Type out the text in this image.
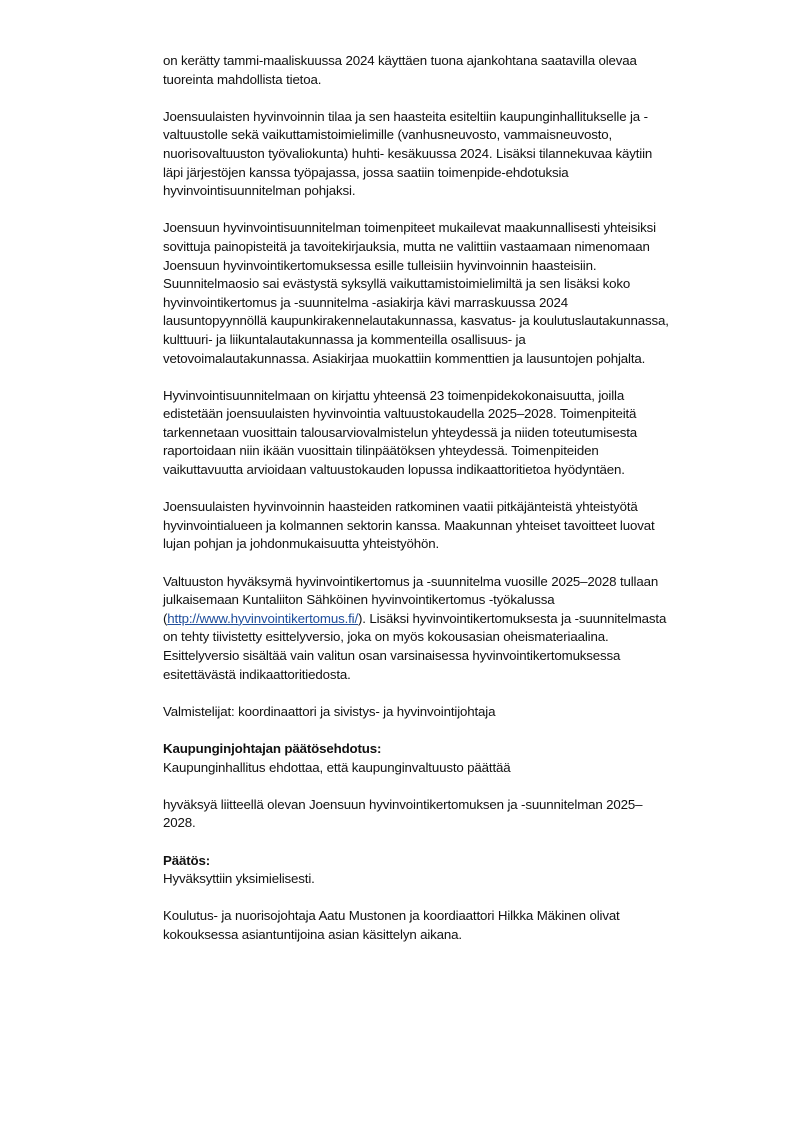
on kerätty tammi-maaliskuussa 2024 käyttäen tuona ajankohtana saatavilla olevaa
tuoreinta mahdollista tietoa.
Joensuulaisten hyvinvoinnin tilaa ja sen haasteita esiteltiin kaupunginhallitukselle ja -
valtuustolle sekä vaikuttamistoimielimille (vanhusneuvosto, vammaisneuvosto,
nuorisovaltuuston työvaliokunta) huhti- kesäkuussa 2024. Lisäksi tilannekuvaa käytiin
läpi järjestöjen kanssa työpajassa, jossa saatiin toimenpide-ehdotuksia
hyvinvointisuunnitelman pohjaksi.
Joensuun hyvinvointisuunnitelman toimenpiteet mukailevat maakunnallisesti yhteisiksi
sovittuja painopisteitä ja tavoitekirjauksia, mutta ne valittiin vastaamaan nimenomaan
Joensuun hyvinvointikertomuksessa esille tulleisiin hyvinvoinnin haasteisiin.
Suunnitelmaosio sai evästystä syksyllä vaikuttamistoimielimiltä ja sen lisäksi koko
hyvinvointikertomus ja -suunnitelma -asiakirja kävi marraskuussa 2024
lausuntopyynnöllä kaupunkirakennelautakunnassa, kasvatus- ja koulutuslautakunnassa,
kulttuuri- ja liikuntalautakunnassa ja kommenteilla osallisuus- ja
vetovoimalautakunnassa. Asiakirjaa muokattiin kommenttien ja lausuntojen pohjalta.
Hyvinvointisuunnitelmaan on kirjattu yhteensä 23 toimenpidekokonaisuutta, joilla
edistetään joensuulaisten hyvinvointia valtuustokaudella 2025–2028. Toimenpiteitä
tarkennetaan vuosittain talousarviovalmistelun yhteydessä ja niiden toteutumisesta
raportoidaan niin ikään vuosittain tilinpäätöksen yhteydessä. Toimenpiteiden
vaikuttavuutta arvioidaan valtuustokauden lopussa indikaattoritietoa hyödyntäen.
Joensuulaisten hyvinvoinnin haasteiden ratkominen vaatii pitkäjänteistä yhteistyötä
hyvinvointialueen ja kolmannen sektorin kanssa. Maakunnan yhteiset tavoitteet luovat
lujan pohjan ja johdonmukaisuutta yhteistyöhön.
Valtuuston hyväksymä hyvinvointikertomus ja -suunnitelma vuosille 2025–2028 tullaan
julkaisemaan Kuntaliiton Sähköinen hyvinvointikertomus -työkalussa
(http://www.hyvinvointikertomus.fi/). Lisäksi hyvinvointikertomuksesta ja -suunnitelmasta
on tehty tiivistetty esittelyversio, joka on myös kokousasian oheismateriaalina.
Esittelyversio sisältää vain valitun osan varsinaisessa hyvinvointikertomuksessa
esitettävästä indikaattoritiedosta.
Valmistelijat: koordinaattori ja sivistys- ja hyvinvointijohtaja
Kaupunginjohtajan päätösehdotus:
Kaupunginhallitus ehdottaa, että kaupunginvaltuusto päättää
hyväksyä liitteellä olevan Joensuun hyvinvointikertomuksen ja -suunnitelman 2025–
2028.
Päätös:
Hyväksyttiin yksimielisesti.
Koulutus- ja nuorisojohtaja Aatu Mustonen ja koordiaattori Hilkka Mäkinen olivat
kokouksessa asiantuntijoina asian käsittelyn aikana.
